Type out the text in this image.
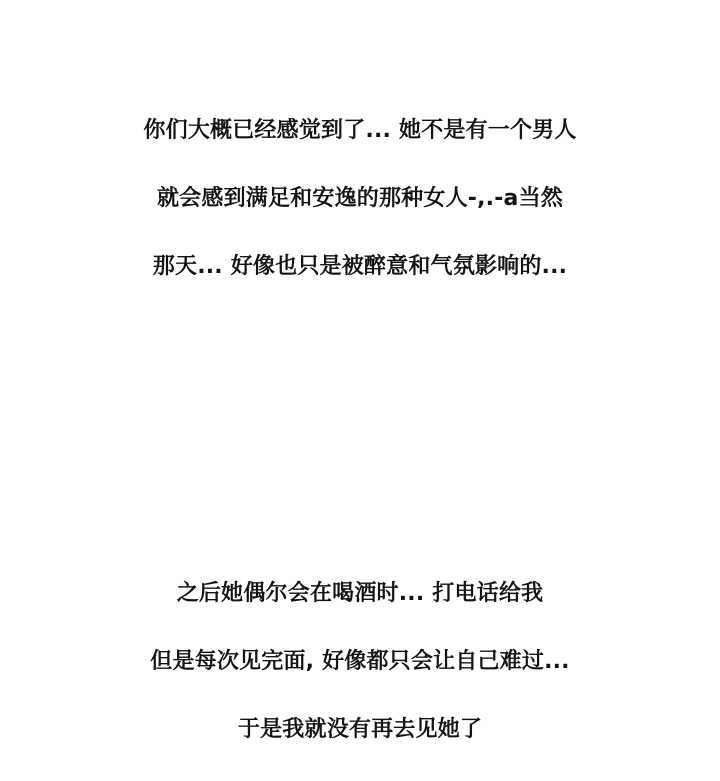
你们大概已经感觉到了... 她不是有一个男人

就会感到满足和安逸的那种女人-,.-a当然

那天... 好像也只是被醉意和气氛影响的...

之后她偶尔会在喝酒时... 打电话给我

但是每次见完面, 好像都只会让自己难过...

于是我就没有再去见她了
